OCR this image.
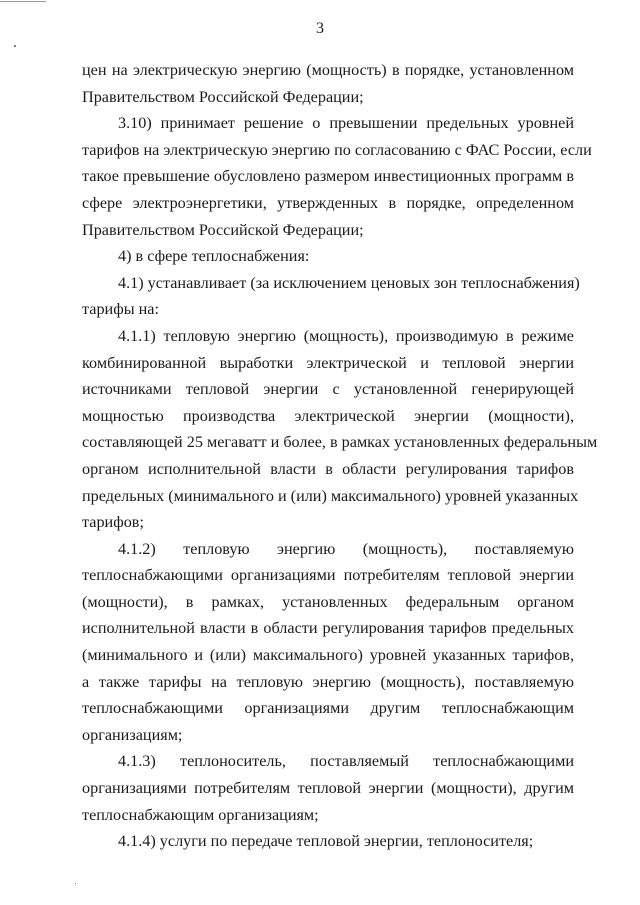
3
цен на электрическую энергию (мощность) в порядке, установленном
Правительством Российской Федерации;
3.10) принимает решение о превышении предельных уровней
тарифов на электрическую энергию по согласованию с ФАС России, если
такое превышение обусловлено размером инвестиционных программ в
сфере электроэнергетики, утвержденных в порядке, определенном
Правительством Российской Федерации;
4) в сфере теплоснабжения:
4.1) устанавливает (за исключением ценовых зон теплоснабжения)
тарифы на:
4.1.1) тепловую энергию (мощность), производимую в режиме
комбинированной выработки электрической и тепловой энергии
источниками тепловой энергии с установленной генерирующей
мощностью производства электрической энергии (мощности),
составляющей 25 мегаватт и более, в рамках установленных федеральным
органом исполнительной власти в области регулирования тарифов
предельных (минимального и (или) максимального) уровней указанных
тарифов;
4.1.2) тепловую энергию (мощность), поставляемую
теплоснабжающими организациями потребителям тепловой энергии
(мощности), в рамках, установленных федеральным органом
исполнительной власти в области регулирования тарифов предельных
(минимального и (или) максимального) уровней указанных тарифов,
а также тарифы на тепловую энергию (мощность), поставляемую
теплоснабжающими организациями другим теплоснабжающим
организациям;
4.1.3) теплоноситель, поставляемый теплоснабжающими
организациями потребителям тепловой энергии (мощности), другим
теплоснабжающим организациям;
4.1.4) услуги по передаче тепловой энергии, теплоносителя;
